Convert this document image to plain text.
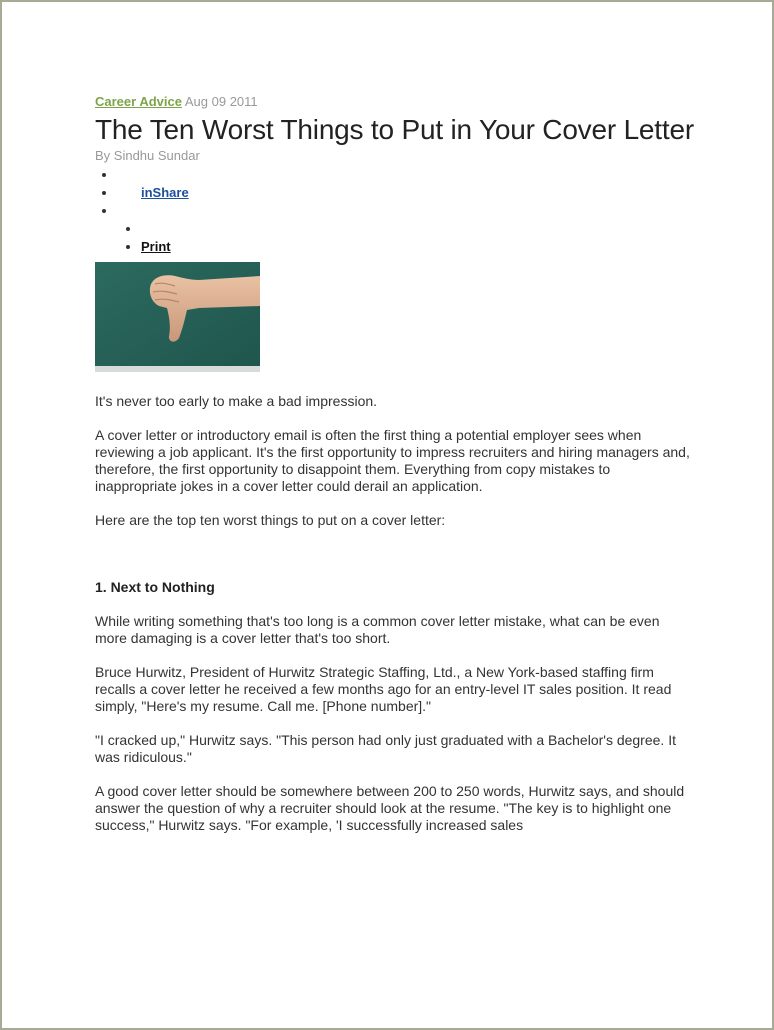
Career Advice Aug 09 2011
The Ten Worst Things to Put in Your Cover Letter
By Sindhu Sundar
•
• inShare

•
• • Print

It's never too early to make a bad impression.

A cover letter or introductory email is often the first thing a potential employer sees when reviewing a job applicant. It's the first opportunity to impress recruiters and hiring managers and, therefore, the first opportunity to disappoint them. Everything from copy mistakes to inappropriate jokes in a cover letter could derail an application.

Here are the top ten worst things to put on a cover letter:

1. Next to Nothing

While writing something that's too long is a common cover letter mistake, what can be even more damaging is a cover letter that's too short.

Bruce Hurwitz, President of Hurwitz Strategic Staffing, Ltd., a New York-based staffing firm recalls a cover letter he received a few months ago for an entry-level IT sales position. It read simply, "Here's my resume. Call me. [Phone number]."

"I cracked up," Hurwitz says. "This person had only just graduated with a Bachelor's degree. It was ridiculous."

A good cover letter should be somewhere between 200 to 250 words, Hurwitz says, and should answer the question of why a recruiter should look at the resume. "The key is to highlight one success," Hurwitz says. "For example, 'I successfully increased sales
